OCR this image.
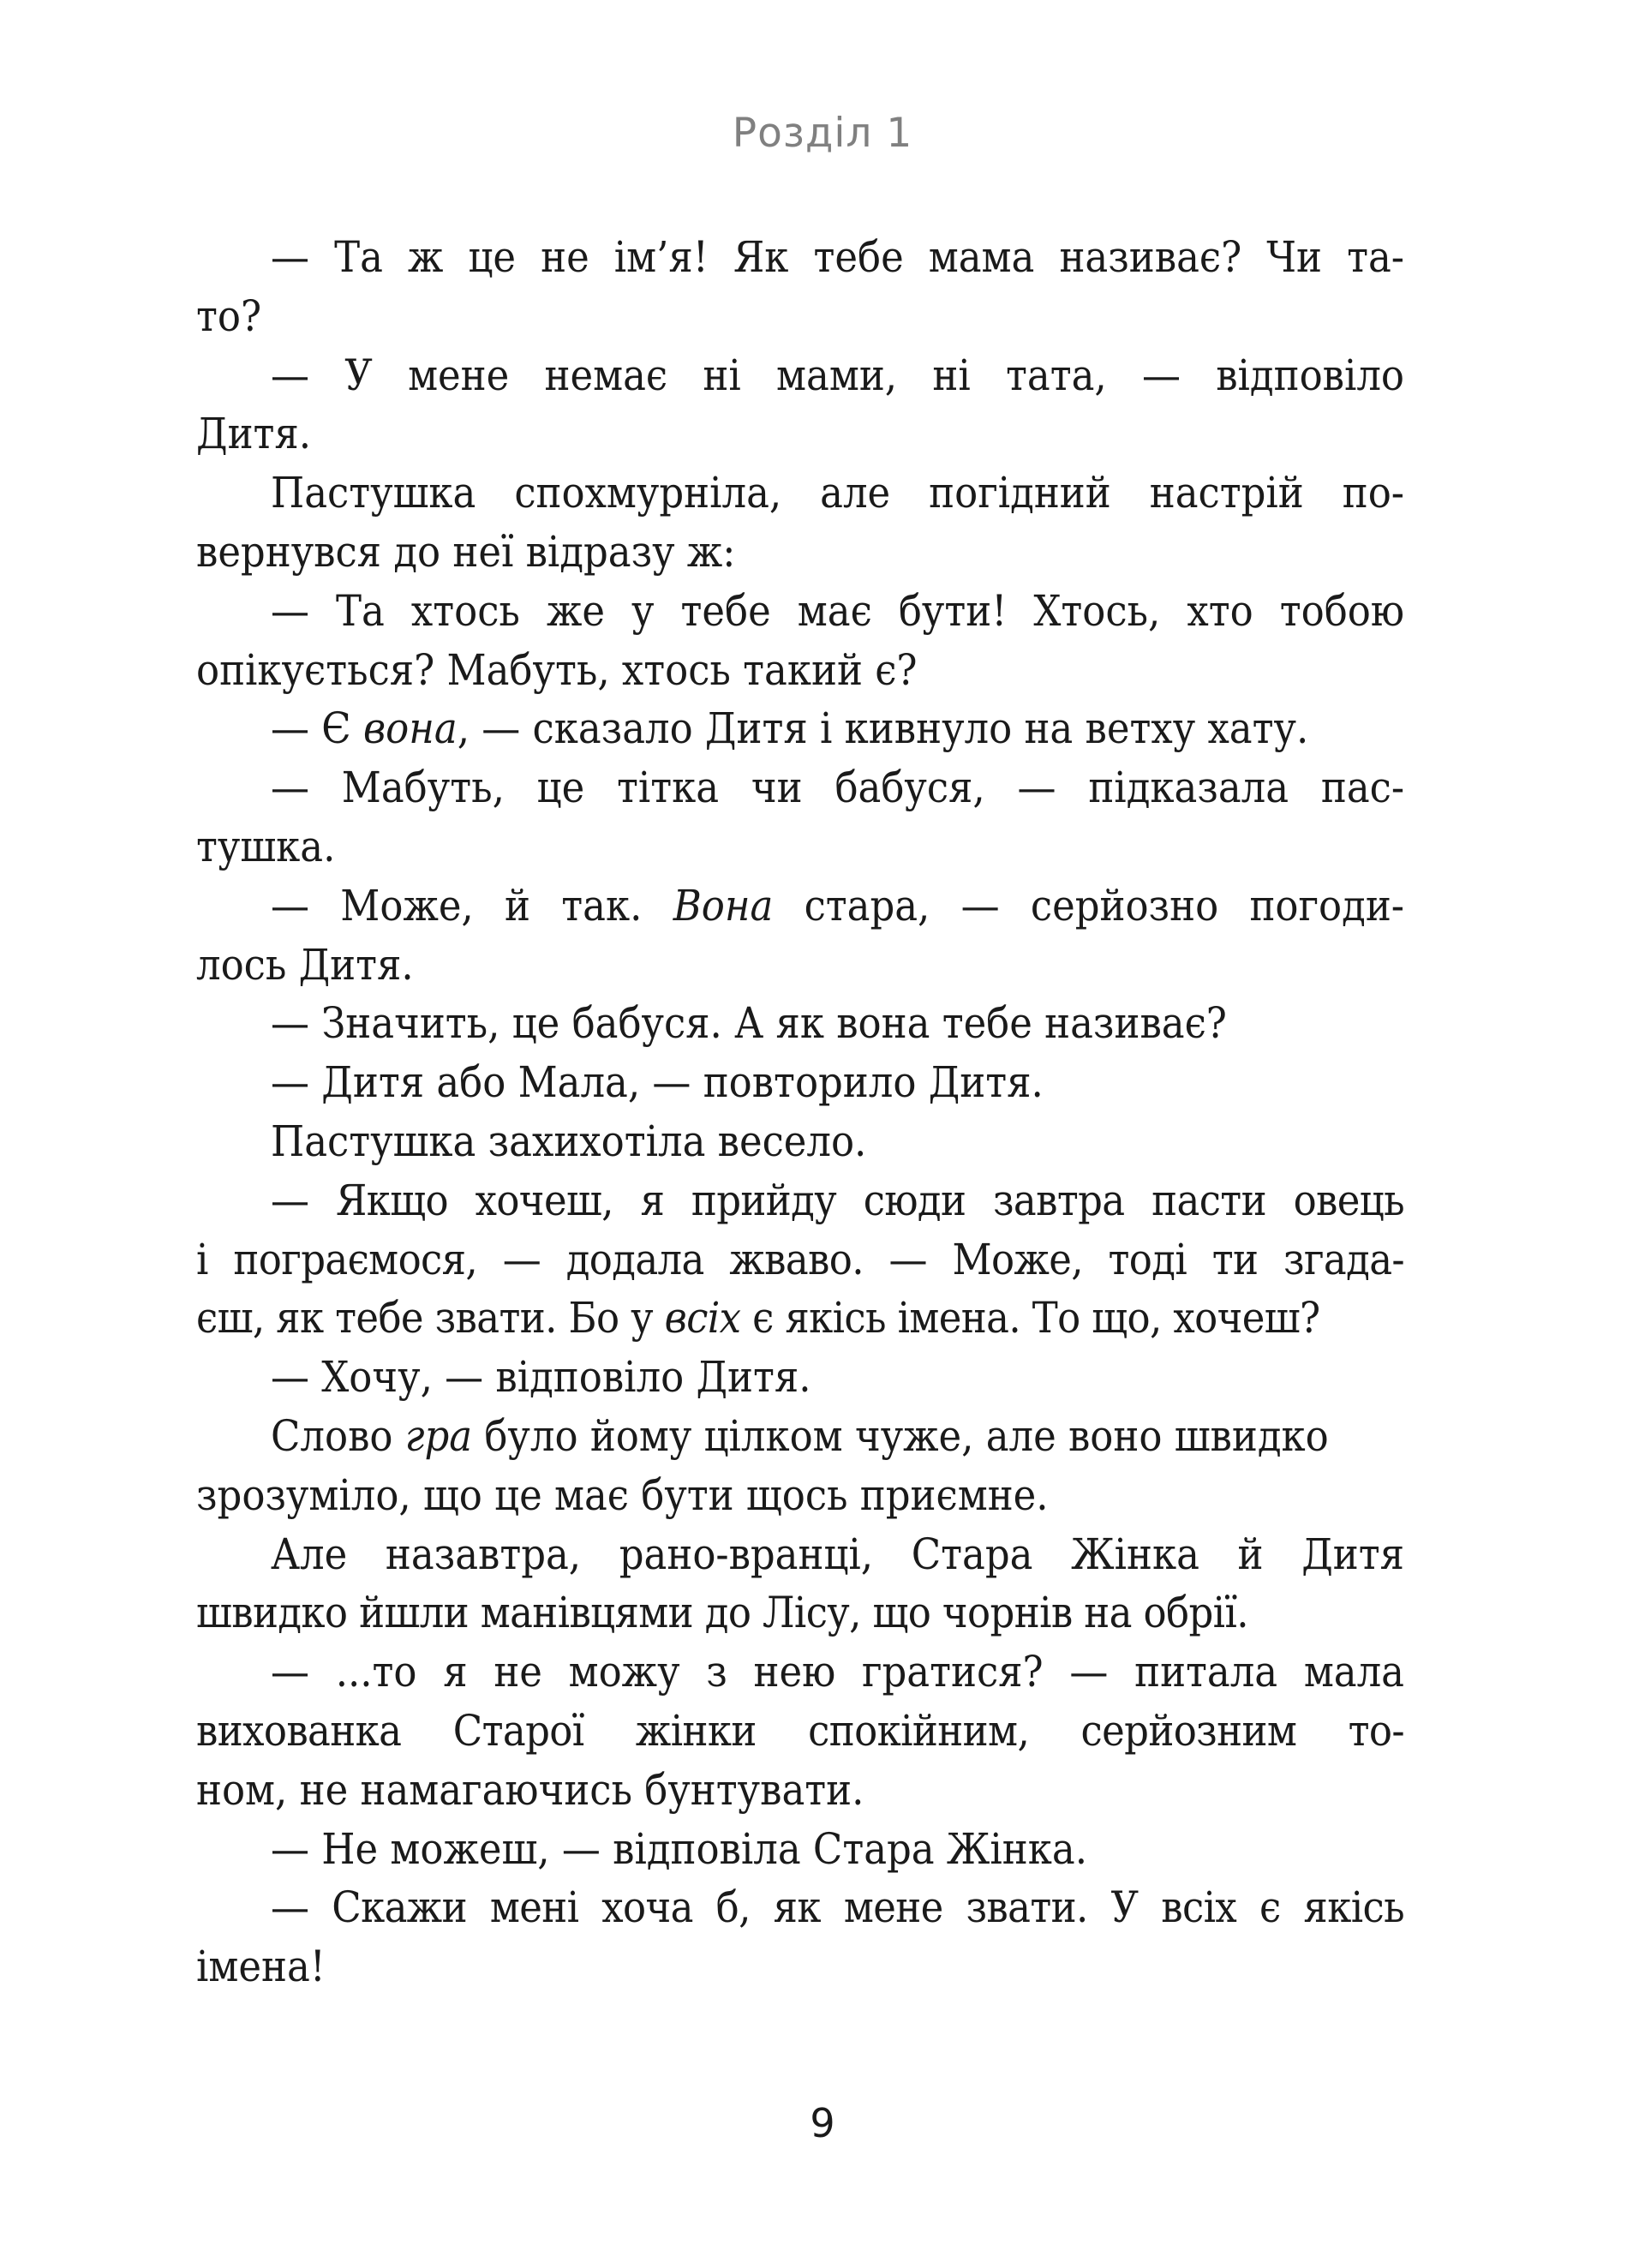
Розділ 1
— Та ж це не ім’я! Як тебе мама називає? Чи та-
то?
— У мене немає ні мами, ні тата, — відповіло
Дитя.
Пастушка спохмурніла, але погідний настрій по-
вернувся до неї відразу ж:
— Та хтось же у тебе має бути! Хтось, хто тобою
опікується? Мабуть, хтось такий є?
— Є вона, — сказало Дитя і кивнуло на ветху хату.
— Мабуть, це тітка чи бабуся, — підказала пас-
тушка.
— Може, й так. Вона стара, — серйозно погоди-
лось Дитя.
— Значить, це бабуся. А як вона тебе називає?
— Дитя або Мала, — повторило Дитя.
Пастушка захихотіла весело.
— Якщо хочеш, я прийду сюди завтра пасти овець
і пограємося, — додала жваво. — Може, тоді ти згада-
єш, як тебе звати. Бо у всіх є якісь імена. То що, хочеш?
— Хочу, — відповіло Дитя.
Слово гра було йому цілком чуже, але воно швидко
зрозуміло, що це має бути щось приємне.
Але назавтра, рано-вранці, Стара Жінка й Дитя
швидко йшли манівцями до Лісу, що чорнів на обрії.
— ...то я не можу з нею гратися? — питала мала
вихованка Старої жінки спокійним, серйозним то-
ном, не намагаючись бунтувати.
— Не можеш, — відповіла Стара Жінка.
— Скажи мені хоча б, як мене звати. У всіх є якісь
імена!
9
